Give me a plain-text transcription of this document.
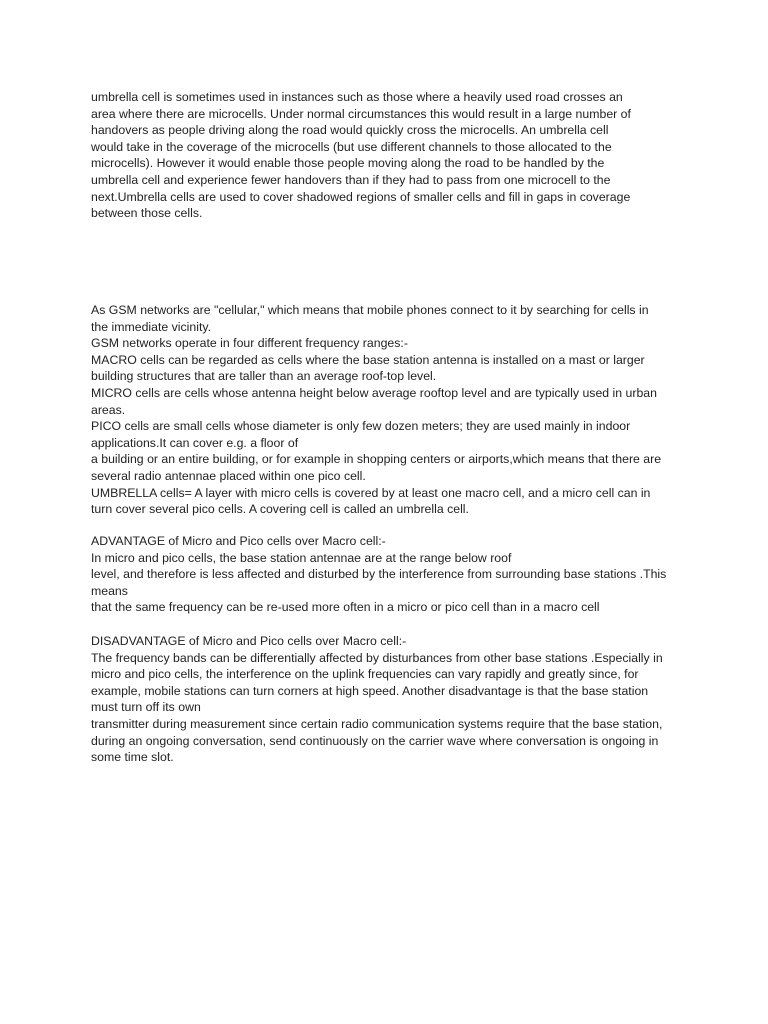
umbrella cell is sometimes used in instances such as those where a heavily used road crosses an
area where there are microcells. Under normal circumstances this would result in a large number of
handovers as people driving along the road would quickly cross the microcells. An umbrella cell
would take in the coverage of the microcells (but use different channels to those allocated to the
microcells). However it would enable those people moving along the road to be handled by the
umbrella cell and experience fewer handovers than if they had to pass from one microcell to the
next.Umbrella cells are used to cover shadowed regions of smaller cells and fill in gaps in coverage
between those cells.
As GSM networks are "cellular," which means that mobile phones connect to it by searching for cells in
the immediate vicinity.
GSM networks operate in four different frequency ranges:-
MACRO cells can be regarded as cells where the base station antenna is installed on a mast or larger
building structures that are taller than an average roof-top level.
MICRO cells are cells whose antenna height below average rooftop level and are typically used in urban
areas.
PICO cells are small cells whose diameter is only few dozen meters; they are used mainly in indoor
applications.It can cover e.g. a floor of
a building or an entire building, or for example in shopping centers or airports,which means that there are
several radio antennae placed within one pico cell.
UMBRELLA cells= A layer with micro cells is covered by at least one macro cell, and a micro cell can in
turn cover several pico cells. A covering cell is called an umbrella cell.
ADVANTAGE of Micro and Pico cells over Macro cell:-
In micro and pico cells, the base station antennae are at the range below roof
level, and therefore is less affected and disturbed by the interference from surrounding base stations .This
means
that the same frequency can be re-used more often in a micro or pico cell than in a macro cell
DISADVANTAGE of Micro and Pico cells over Macro cell:-
The frequency bands can be differentially affected by disturbances from other base stations .Especially in
micro and pico cells, the interference on the uplink frequencies can vary rapidly and greatly since, for
example, mobile stations can turn corners at high speed. Another disadvantage is that the base station
must turn off its own
transmitter during measurement since certain radio communication systems require that the base station,
during an ongoing conversation, send continuously on the carrier wave where conversation is ongoing in
some time slot.
